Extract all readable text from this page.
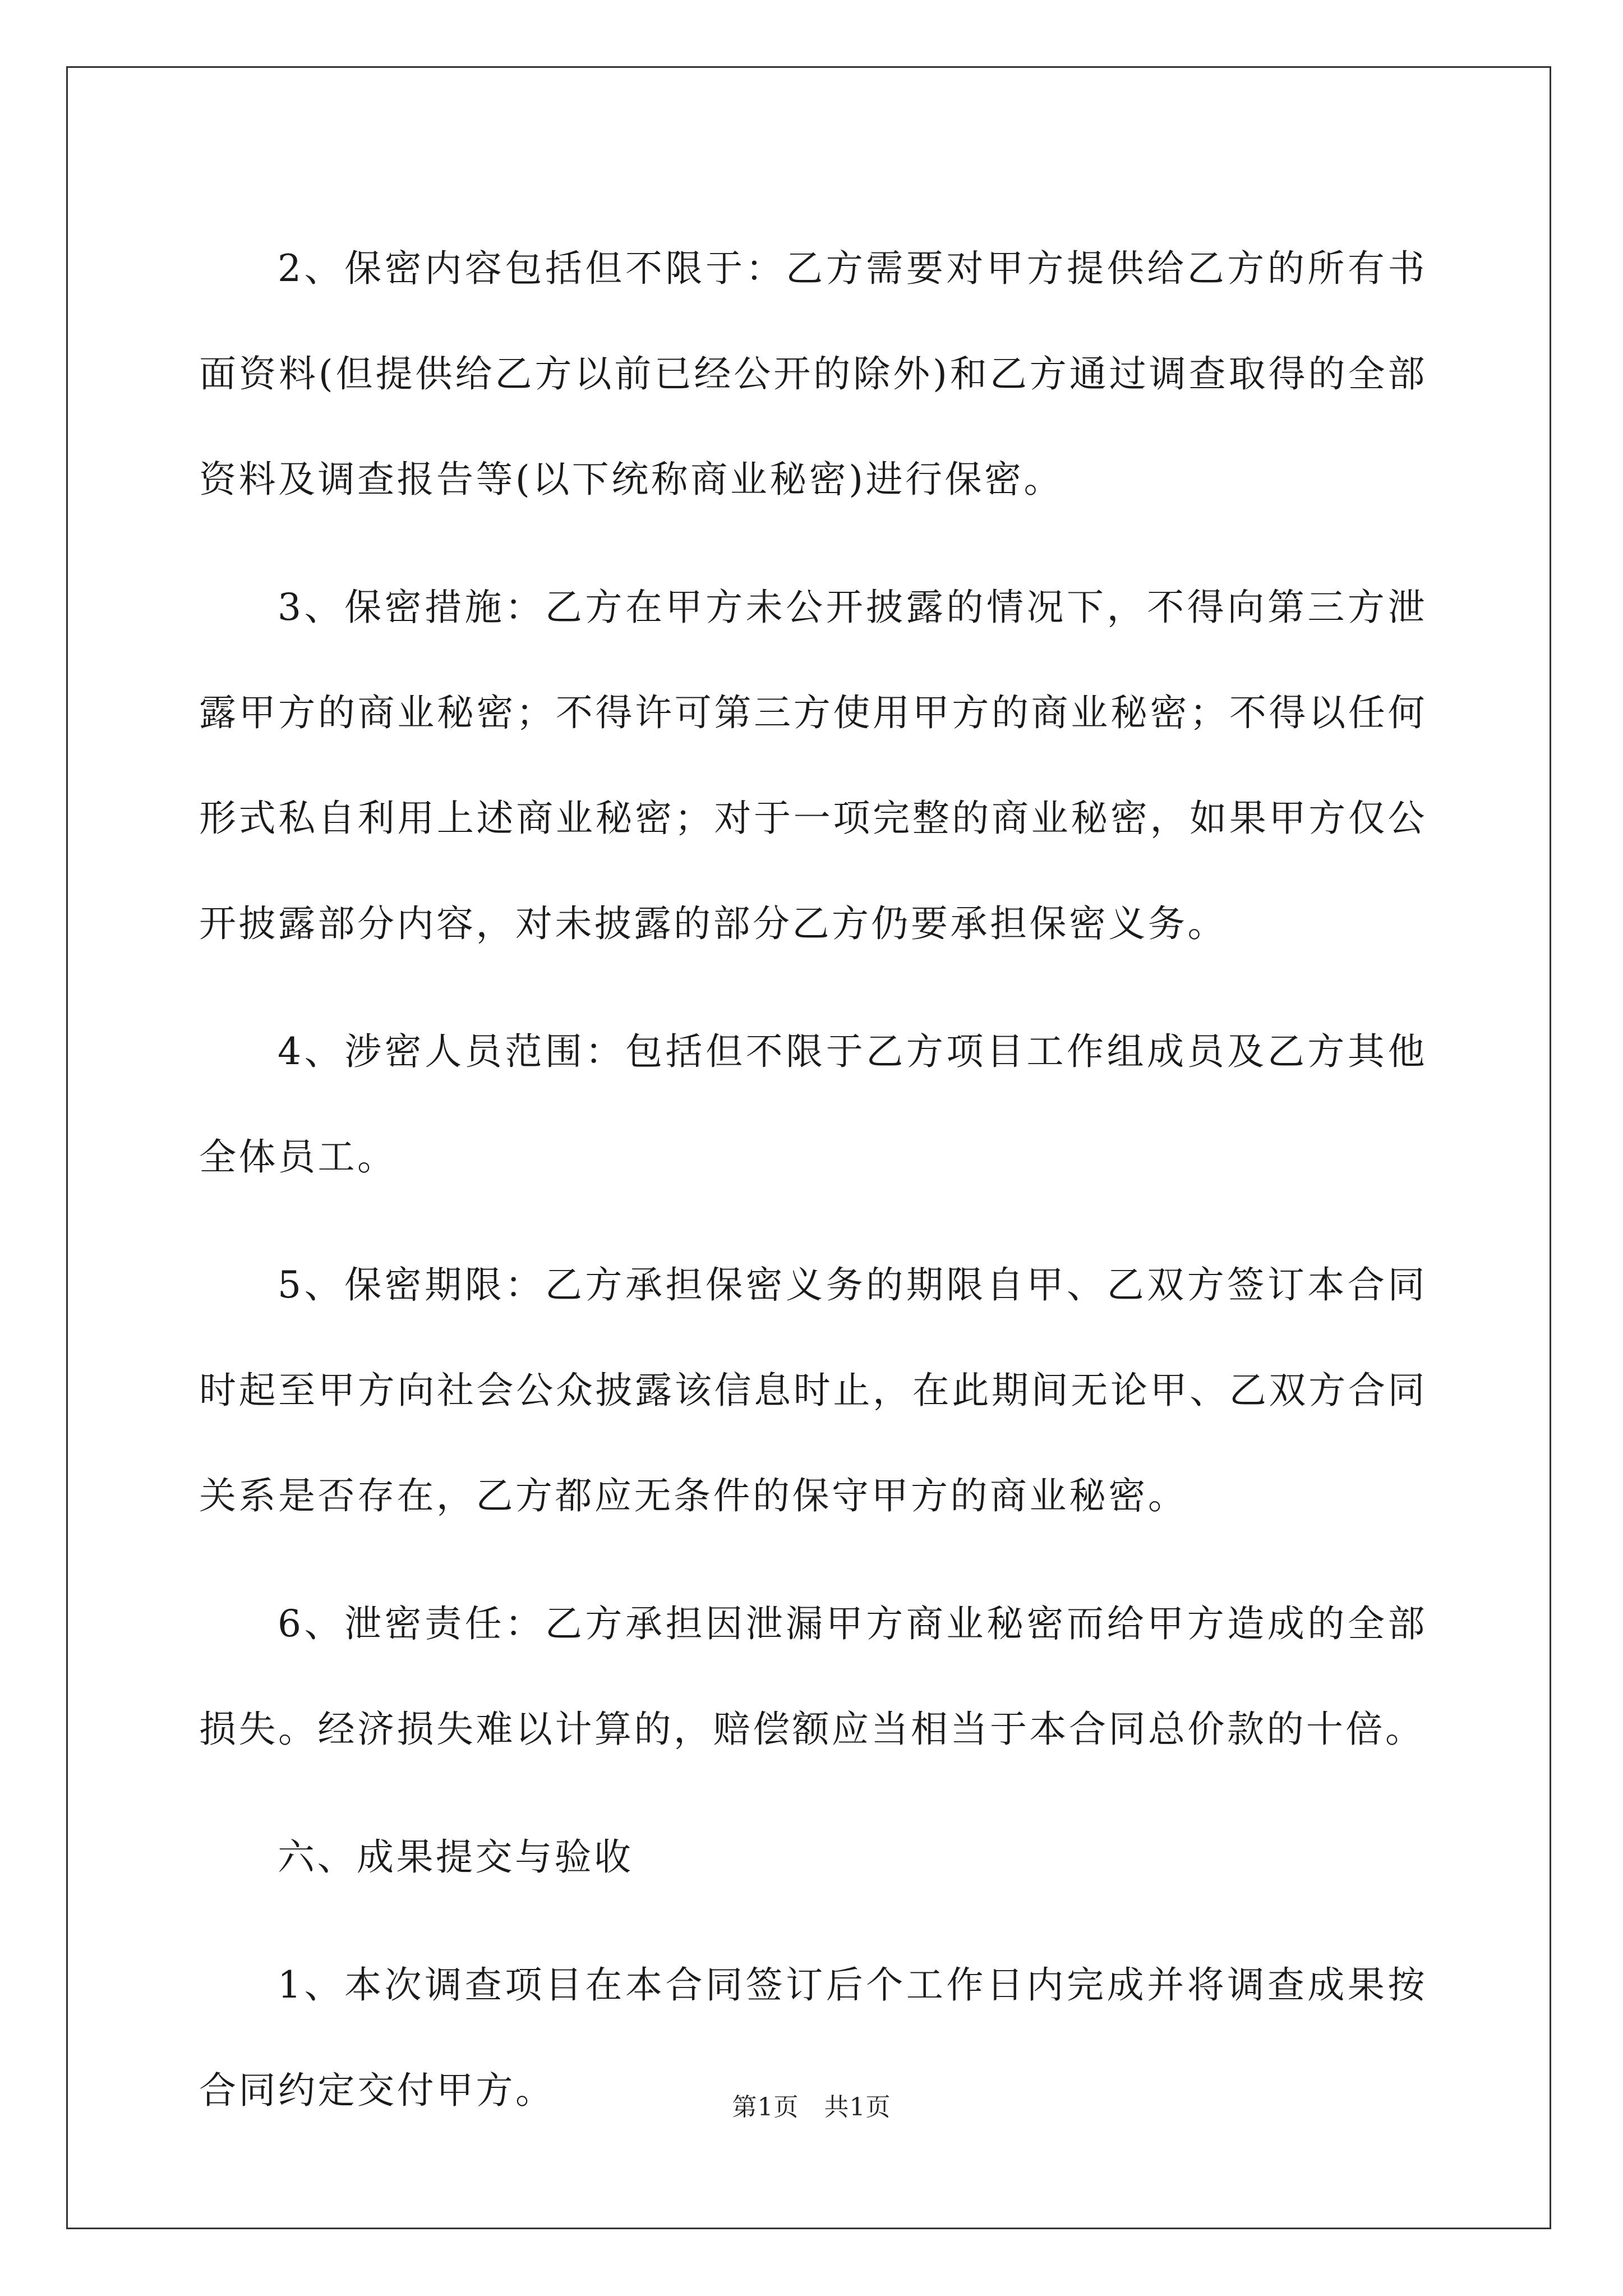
2、保密内容包括但不限于：乙方需要对甲方提供给乙方的所有书面资料(但提供给乙方以前已经公开的除外)和乙方通过调查取得的全部资料及调查报告等(以下统称商业秘密)进行保密。

3、保密措施：乙方在甲方未公开披露的情况下，不得向第三方泄露甲方的商业秘密；不得许可第三方使用甲方的商业秘密；不得以任何形式私自利用上述商业秘密；对于一项完整的商业秘密，如果甲方仅公开披露部分内容，对未披露的部分乙方仍要承担保密义务。

4、涉密人员范围：包括但不限于乙方项目工作组成员及乙方其他全体员工。

5、保密期限：乙方承担保密义务的期限自甲、乙双方签订本合同时起至甲方向社会公众披露该信息时止，在此期间无论甲、乙双方合同关系是否存在，乙方都应无条件的保守甲方的商业秘密。

6、泄密责任：乙方承担因泄漏甲方商业秘密而给甲方造成的全部损失。经济损失难以计算的，赔偿额应当相当于本合同总价款的十倍。

六、成果提交与验收

1、本次调查项目在本合同签订后个工作日内完成并将调查成果按合同约定交付甲方。	第1页　共1页
